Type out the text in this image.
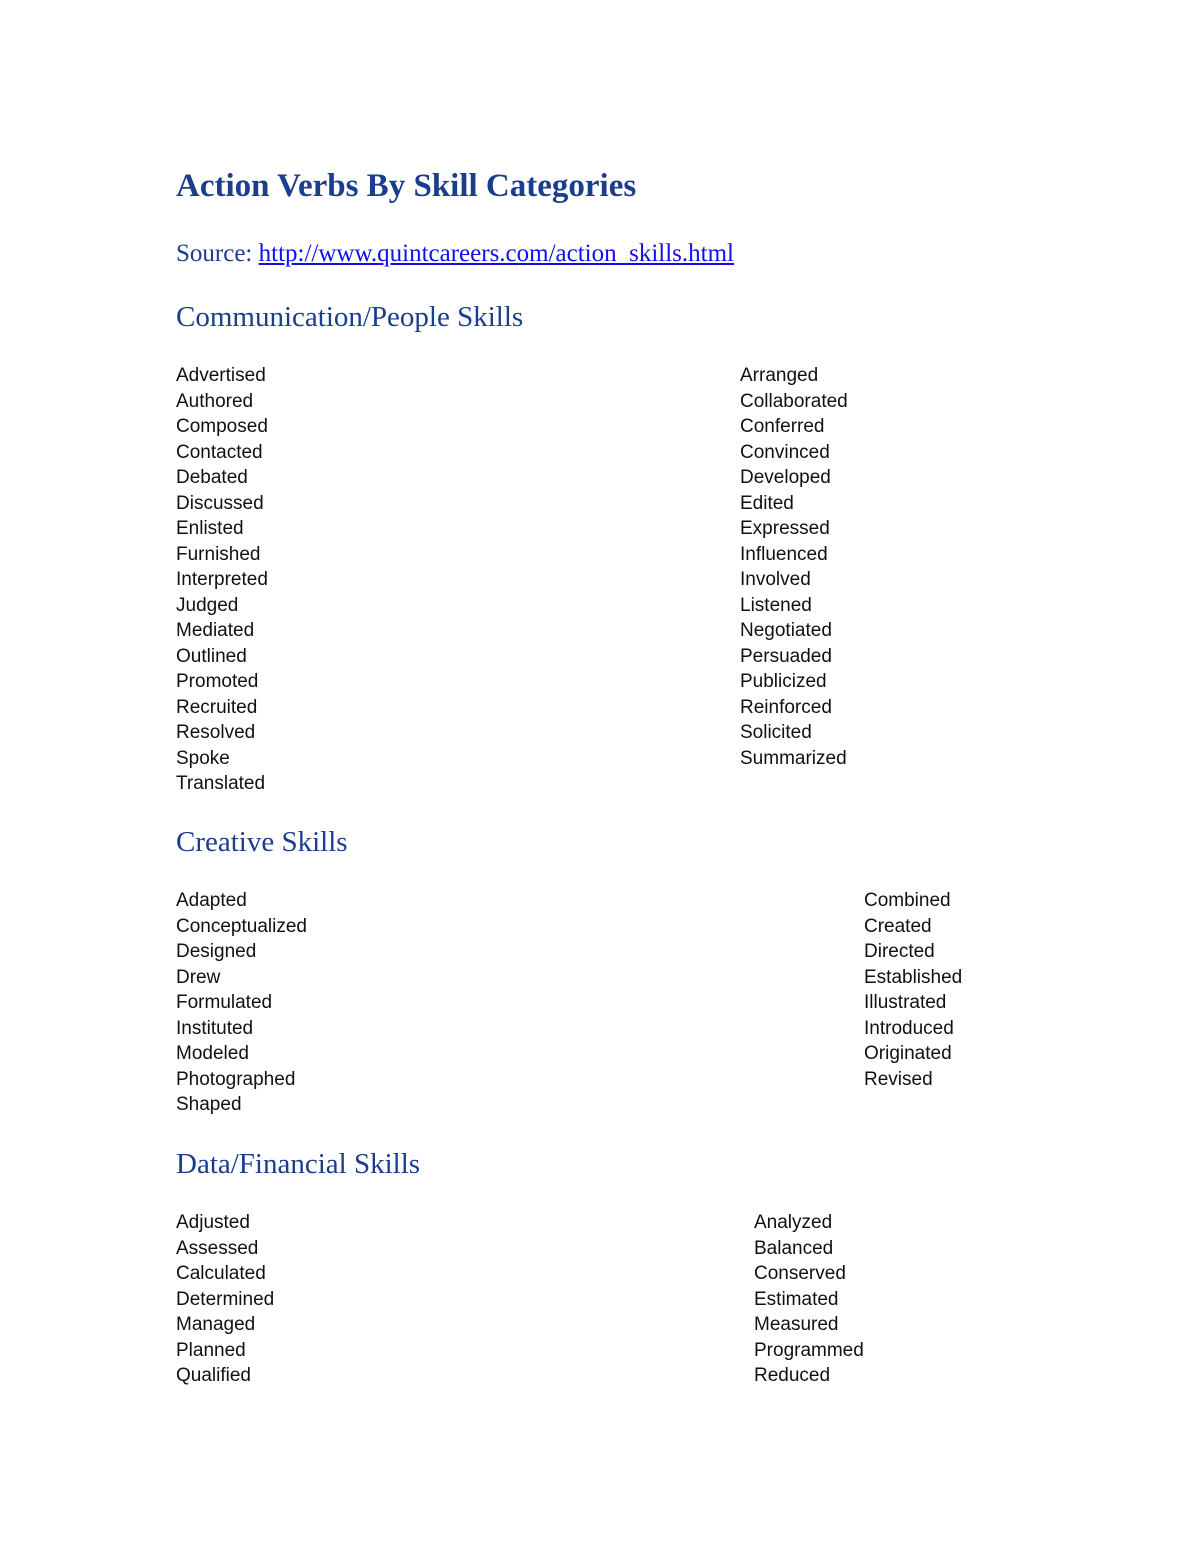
Action Verbs By Skill Categories

Source: http://www.quintcareers.com/action_skills.html

Communication/People Skills
Advertised
Authored
Composed
Contacted
Debated
Discussed
Enlisted
Furnished
Interpreted
Judged
Mediated
Outlined
Promoted
Recruited
Resolved
Spoke
Translated
Arranged
Collaborated
Conferred
Convinced
Developed
Edited
Expressed
Influenced
Involved
Listened
Negotiated
Persuaded
Publicized
Reinforced
Solicited
Summarized
Creative Skills
Adapted
Conceptualized
Designed
Drew
Formulated
Instituted
Modeled
Photographed
Shaped
Combined
Created
Directed
Established
Illustrated
Introduced
Originated
Revised
Data/Financial Skills
Adjusted
Assessed
Calculated
Determined
Managed
Planned
Qualified
Analyzed
Balanced
Conserved
Estimated
Measured
Programmed
Reduced
